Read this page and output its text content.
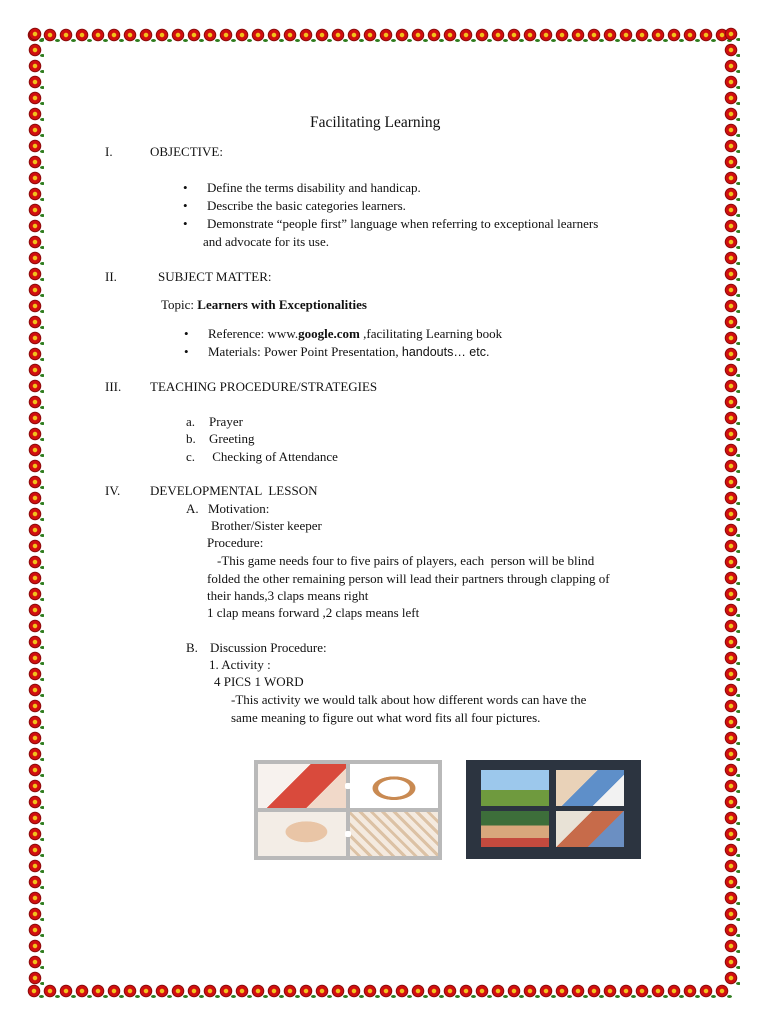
Facilitating Learning
I.	OBJECTIVE:
• Define the terms disability and handicap.
• Describe the basic categories learners.
• Demonstrate “people first” language when referring to exceptional learners
and advocate for its use.
II.	SUBJECT MATTER:
Topic: Learners with Exceptionalities
• Reference: www.google.com ,facilitating Learning book
• Materials: Power Point Presentation, handouts… etc.
III. TEACHING PROCEDURE/STRATEGIES
a. Prayer
b. Greeting
c. Checking of Attendance
IV. DEVELOPMENTAL  LESSON
A. Motivation:
Brother/Sister keeper
Procedure:
-This game needs four to five pairs of players, each  person will be blind
folded the other remaining person will lead their partners through clapping of
their hands,3 claps means right
1 clap means forward ,2 claps means left
B. Discussion Procedure:
1. Activity :
4 PICS 1 WORD
-This activity we would talk about how different words can have the
same meaning to figure out what word fits all four pictures.
